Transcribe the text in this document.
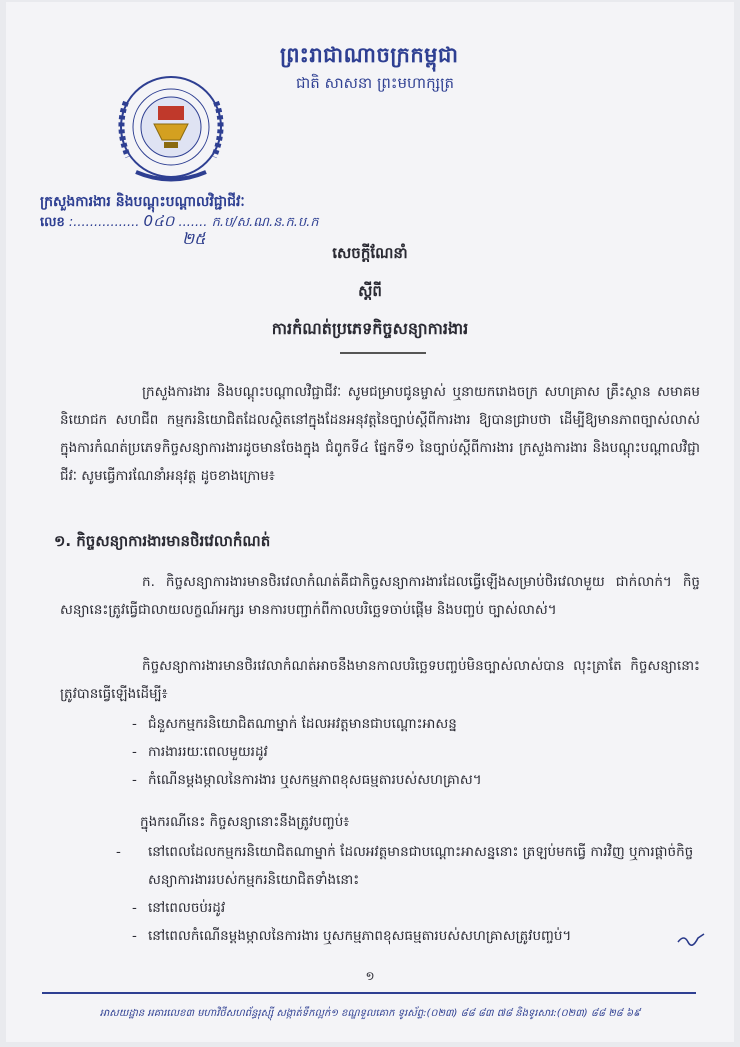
ព្រះរាជាណាចក្រកម្ពុជា
ជាតិ សាសនា ព្រះមហាក្សត្រ
ក្រសួងការងារ និងបណ្តុះបណ្តាលវិជ្ជាជីវៈ
លេខ :................ 0៤០ ....... ក.ប/ស.ណ.ន.ក.ប.ក
២៥
សេចក្តីណែនាំ
ស្តីពី
ការកំណត់ប្រភេទកិច្ចសន្យាការងារ
ក្រសួងការងារ និងបណ្តុះបណ្តាលវិជ្ជាជីវៈ សូមជម្រាបជូនម្ចាស់ ឬនាយករោងចក្រ សហគ្រាស គ្រឹះស្ថាន សមាគមនិយោជក សហជីព កម្មករនិយោជិតដែលស្ថិតនៅក្នុងដែនអនុវត្តនៃច្បាប់ស្តីពីការងារ ឱ្យបានជ្រាបថា ដើម្បីឱ្យមានភាពច្បាស់លាស់ក្នុងការកំណត់ប្រភេទកិច្ចសន្យាការងារដូចមានចែងក្នុង ជំពូកទី៤ ផ្នែកទី១ នៃច្បាប់ស្តីពីការងារ ក្រសួងការងារ និងបណ្តុះបណ្តាលវិជ្ជាជីវៈ សូមធ្វើការណែនាំអនុវត្ត ដូចខាងក្រោម៖
១. កិច្ចសន្យាការងារមានថិរវេលាកំណត់
ក. កិច្ចសន្យាការងារមានថិរវេលាកំណត់គឺជាកិច្ចសន្យាការងារដែលធ្វើឡើងសម្រាប់ថិរវេលាមួយ ជាក់លាក់។ កិច្ចសន្យានេះត្រូវធ្វើជាលាយលក្ខណ៍អក្សរ មានការបញ្ជាក់ពីកាលបរិច្ឆេទចាប់ផ្តើម និងបញ្ចប់ ច្បាស់លាស់។
កិច្ចសន្យាការងារមានថិរវេលាកំណត់អាចនឹងមានកាលបរិច្ឆេទបញ្ចប់មិនច្បាស់លាស់បាន លុះត្រាតែ កិច្ចសន្យានោះត្រូវបានធ្វើឡើងដើម្បី៖
- ជំនួសកម្មករនិយោជិតណាម្នាក់ ដែលអវត្តមានជាបណ្តោះអាសន្ន
- ការងាររយៈពេលមួយរដូវ
- កំណើនម្តងម្កាលនៃការងារ ឬសកម្មភាពខុសធម្មតារបស់សហគ្រាស។
ក្នុងករណីនេះ កិច្ចសន្យានោះនឹងត្រូវបញ្ចប់៖
- នៅពេលដែលកម្មករនិយោជិតណាម្នាក់ ដែលអវត្តមានជាបណ្តោះអាសន្ននោះ ត្រឡប់មកធ្វើ ការវិញ ឬការផ្តាច់កិច្ចសន្យាការងាររបស់កម្មករនិយោជិតទាំងនោះ
- នៅពេលចប់រដូវ
- នៅពេលកំណើនម្តងម្កាលនៃការងារ ឬសកម្មភាពខុសធម្មតារបស់សហគ្រាសត្រូវបញ្ចប់។
១
អាសយដ្ឋាន អគារលេខ៣ មហាវិថីសហព័ន្ធរុស្ស៊ី សង្កាត់ទឹកល្អក់១ ខណ្ឌទួលគោក ទូរស័ព្ទ:(០២៣) ៨៨ ៨៣ ៧៨ និងទូរសារ:(០២៣) ៨៨ ២៨ ៦៩
